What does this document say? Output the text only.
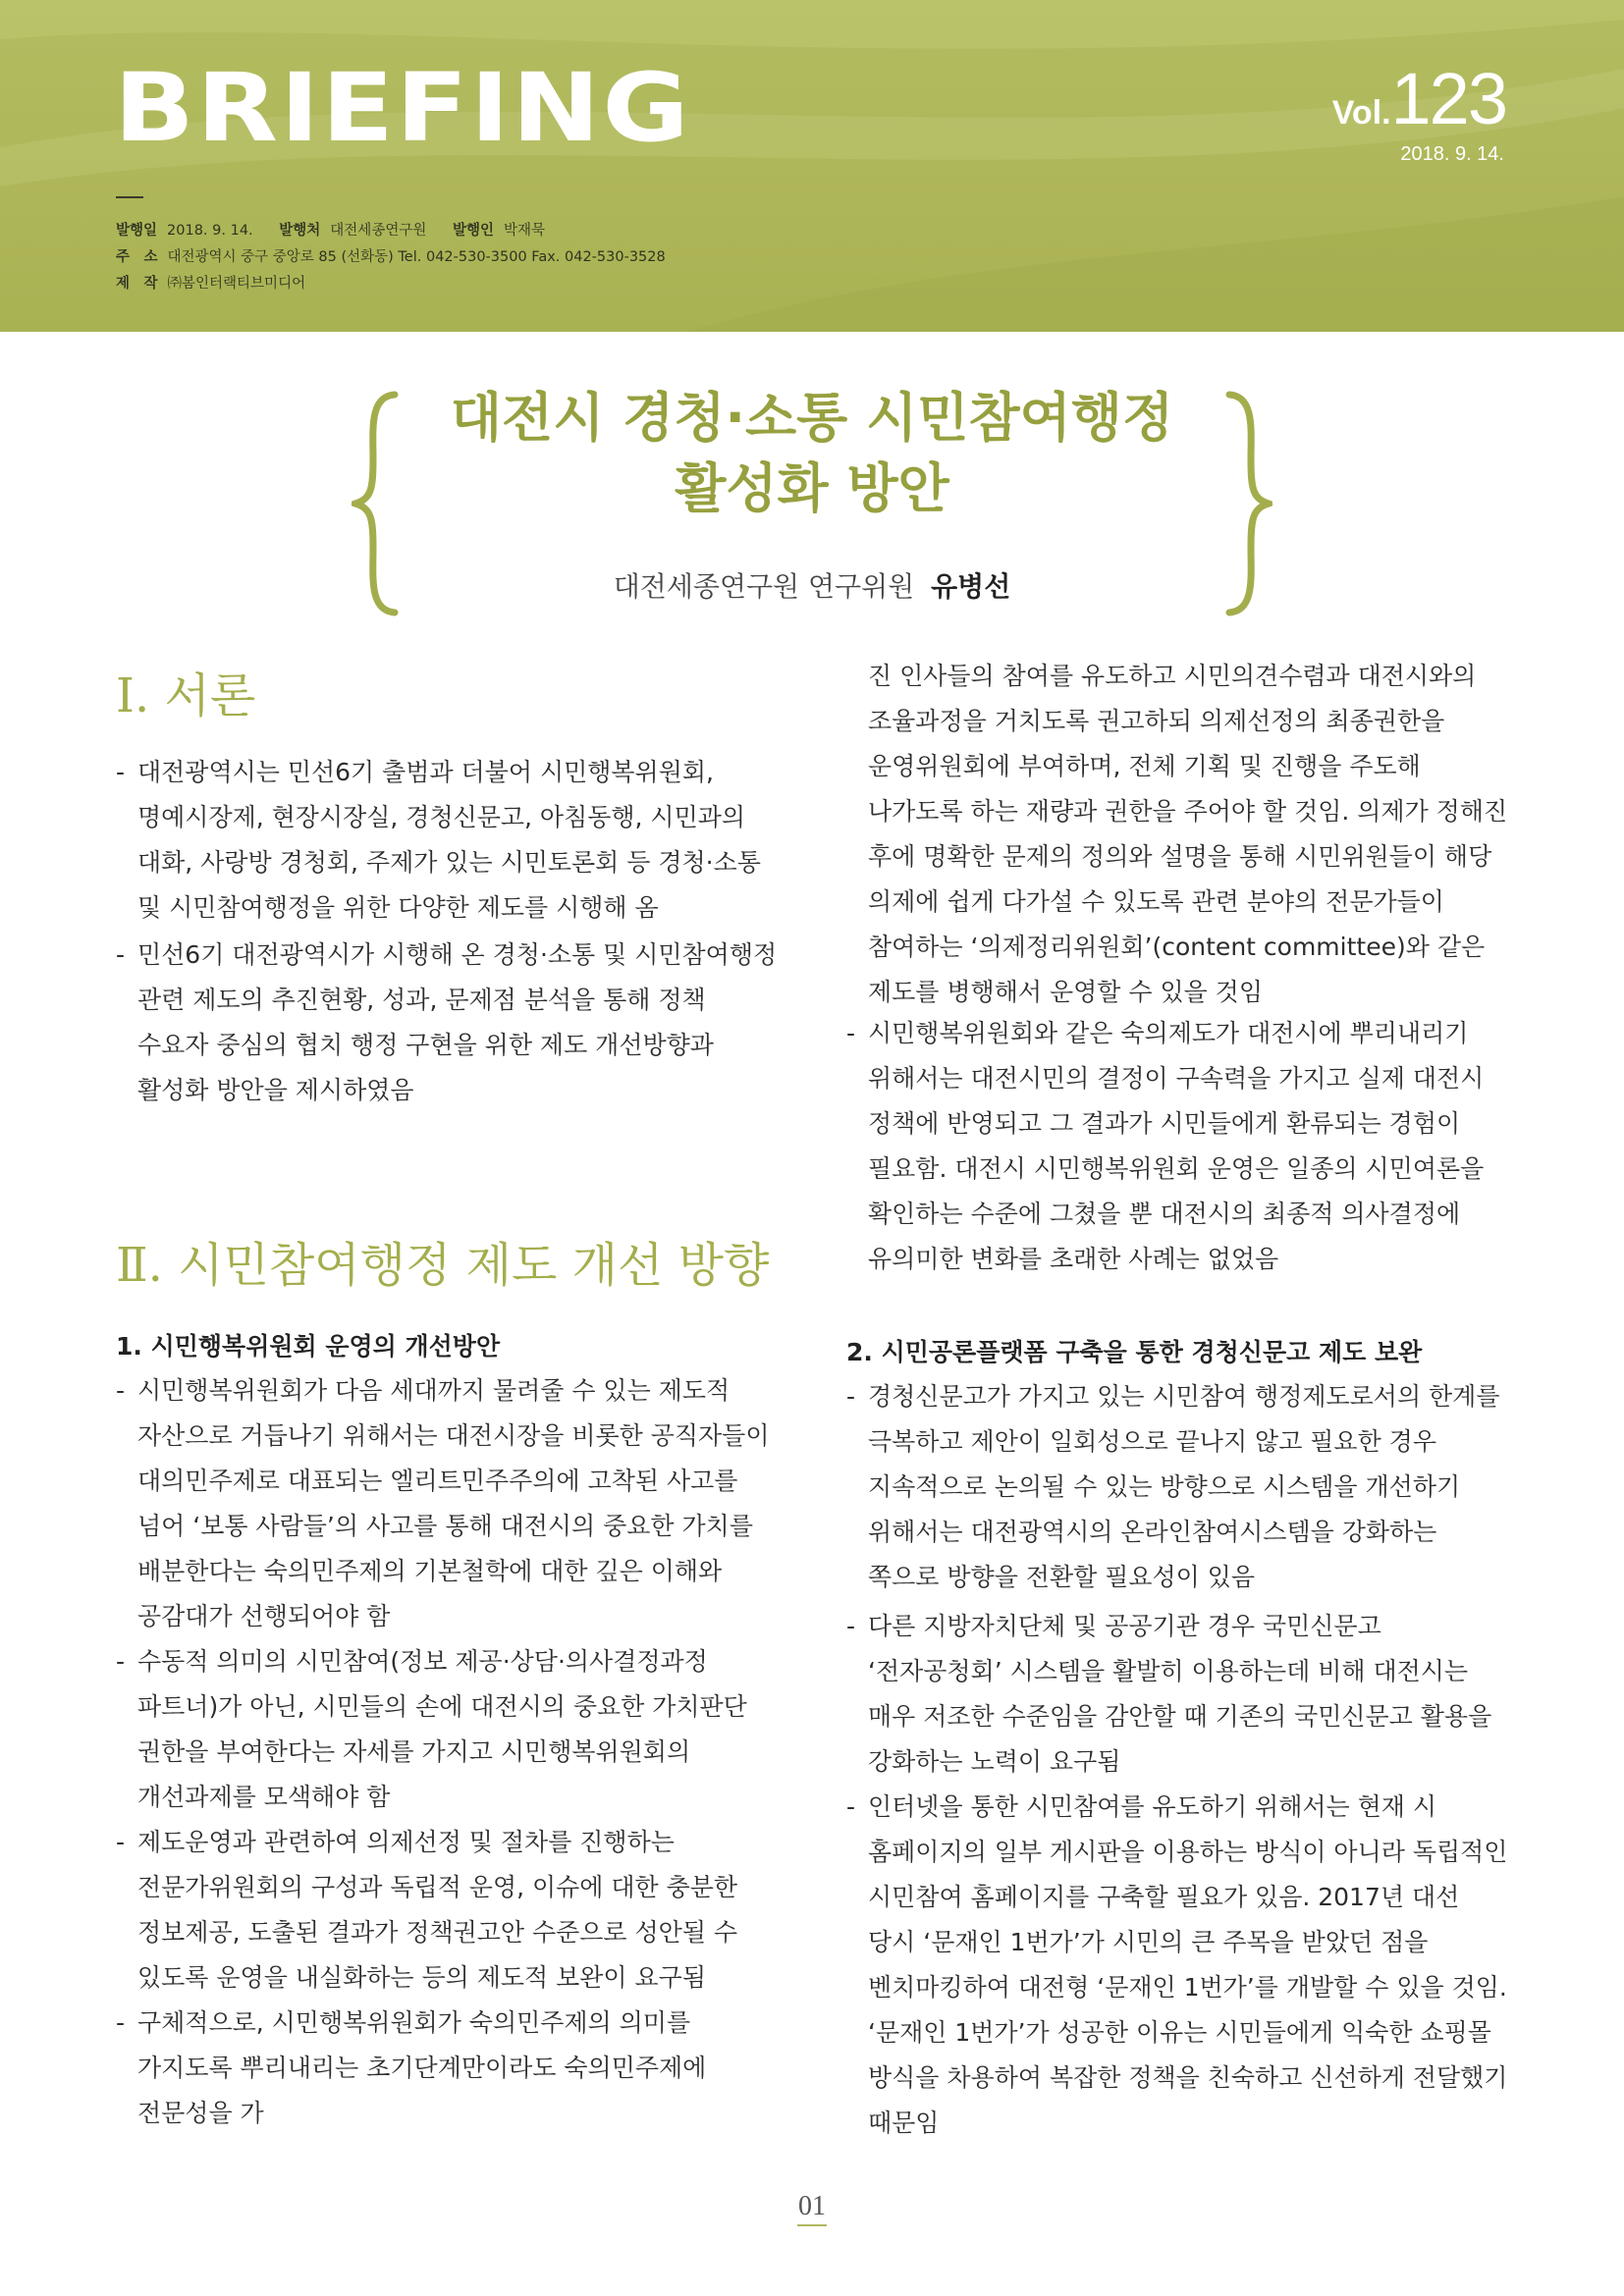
BRIEFING	Vol.123
2018. 9. 14.
발행일 2018. 9. 14. 발행처 대전세종연구원 발행인 박재묵
주　소 대전광역시 중구 중앙로 85 (선화동) Tel. 042-530-3500 Fax. 042-530-3528
제　작 ㈜봄인터랙티브미디어
대전시 경청·소통 시민참여행정
활성화 방안
대전세종연구원 연구위원 유병선
Ⅰ. 서론
- 대전광역시는 민선6기 출범과 더불어 시민행복위원회, 명예시장제, 현장시장실, 경청신문고, 아침동행, 시민과의 대화, 사랑방 경청회, 주제가 있는 시민토론회 등 경청·소통 및 시민참여행정을 위한 다양한 제도를 시행해 옴
- 민선6기 대전광역시가 시행해 온 경청·소통 및 시민참여행정 관련 제도의 추진현황, 성과, 문제점 분석을 통해 정책 수요자 중심의 협치 행정 구현을 위한 제도 개선방향과 활성화 방안을 제시하였음
Ⅱ. 시민참여행정 제도 개선 방향
1. 시민행복위원회 운영의 개선방안
- 시민행복위원회가 다음 세대까지 물려줄 수 있는 제도적 자산으로 거듭나기 위해서는 대전시장을 비롯한 공직자들이 대의민주제로 대표되는 엘리트민주주의에 고착된 사고를 넘어 ‘보통 사람들’의 사고를 통해 대전시의 중요한 가치를 배분한다는 숙의민주제의 기본철학에 대한 깊은 이해와 공감대가 선행되어야 함
- 수동적 의미의 시민참여(정보 제공·상담·의사결정과정 파트너)가 아닌, 시민들의 손에 대전시의 중요한 가치판단 권한을 부여한다는 자세를 가지고 시민행복위원회의 개선과제를 모색해야 함
- 제도운영과 관련하여 의제선정 및 절차를 진행하는 전문가위원회의 구성과 독립적 운영, 이슈에 대한 충분한 정보제공, 도출된 결과가 정책권고안 수준으로 성안될 수 있도록 운영을 내실화하는 등의 제도적 보완이 요구됨
- 구체적으로, 시민행복위원회가 숙의민주제의 의미를 가지도록 뿌리내리는 초기단계만이라도 숙의민주제에 전문성을 가
진 인사들의 참여를 유도하고 시민의견수렴과 대전시와의 조율과정을 거치도록 권고하되 의제선정의 최종권한을 운영위원회에 부여하며, 전체 기획 및 진행을 주도해 나가도록 하는 재량과 권한을 주어야 할 것임. 의제가 정해진 후에 명확한 문제의 정의와 설명을 통해 시민위원들이 해당 의제에 쉽게 다가설 수 있도록 관련 분야의 전문가들이 참여하는 ‘의제정리위원회’(content committee)와 같은 제도를 병행해서 운영할 수 있을 것임
- 시민행복위원회와 같은 숙의제도가 대전시에 뿌리내리기 위해서는 대전시민의 결정이 구속력을 가지고 실제 대전시 정책에 반영되고 그 결과가 시민들에게 환류되는 경험이 필요함. 대전시 시민행복위원회 운영은 일종의 시민여론을 확인하는 수준에 그쳤을 뿐 대전시의 최종적 의사결정에 유의미한 변화를 초래한 사례는 없었음
2. 시민공론플랫폼 구축을 통한 경청신문고 제도 보완
- 경청신문고가 가지고 있는 시민참여 행정제도로서의 한계를 극복하고 제안이 일회성으로 끝나지 않고 필요한 경우 지속적으로 논의될 수 있는 방향으로 시스템을 개선하기 위해서는 대전광역시의 온라인참여시스템을 강화하는 쪽으로 방향을 전환할 필요성이 있음
- 다른 지방자치단체 및 공공기관 경우 국민신문고 ‘전자공청회’ 시스템을 활발히 이용하는데 비해 대전시는 매우 저조한 수준임을 감안할 때 기존의 국민신문고 활용을 강화하는 노력이 요구됨
- 인터넷을 통한 시민참여를 유도하기 위해서는 현재 시 홈페이지의 일부 게시판을 이용하는 방식이 아니라 독립적인 시민참여 홈페이지를 구축할 필요가 있음. 2017년 대선 당시 ‘문재인 1번가’가 시민의 큰 주목을 받았던 점을 벤치마킹하여 대전형 ‘문재인 1번가’를 개발할 수 있을 것임. ‘문재인 1번가’가 성공한 이유는 시민들에게 익숙한 쇼핑몰 방식을 차용하여 복잡한 정책을 친숙하고 신선하게 전달했기 때문임
01
